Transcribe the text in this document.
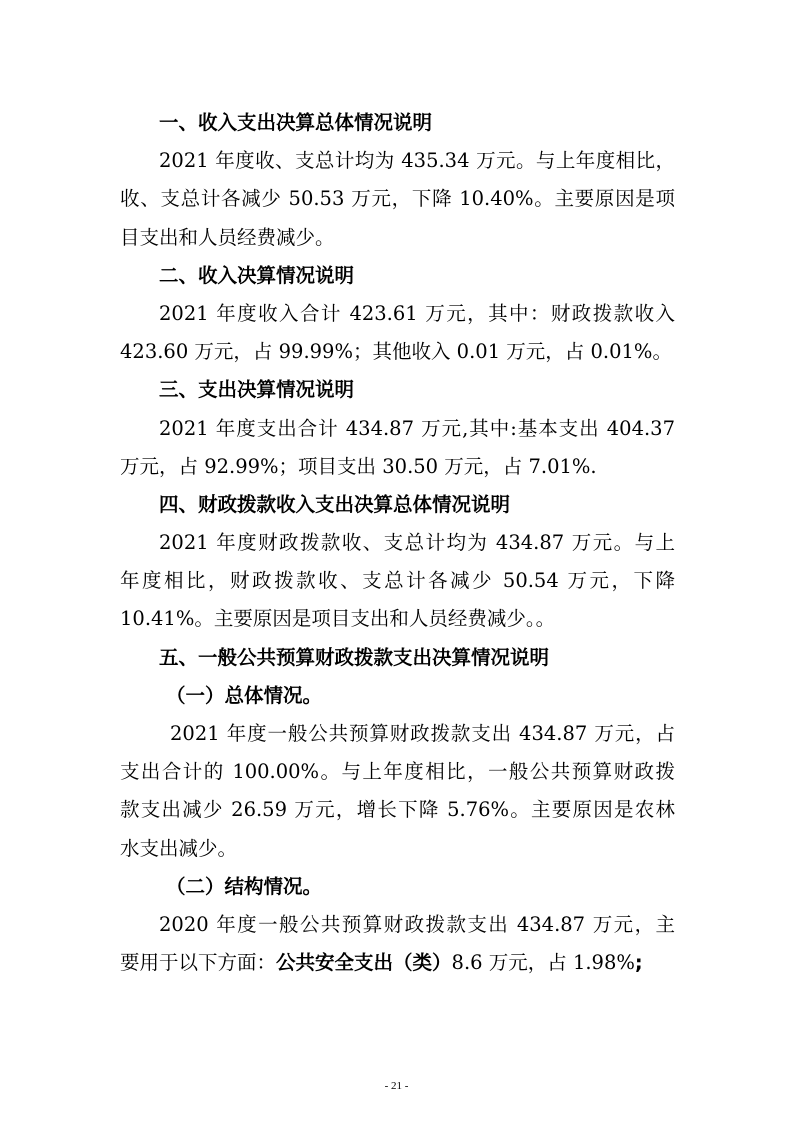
一、收入支出决算总体情况说明
2021 年度收、支总计均为 435.34 万元。与上年度相比，
收、支总计各减少 50.53 万元，下降 10.40%。主要原因是项
目支出和人员经费减少。
二、收入决算情况说明
2021 年度收入合计 423.61 万元，其中：财政拨款收入
423.60 万元，占 99.99%；其他收入 0.01 万元，占 0.01%。
三、支出决算情况说明
2021 年度支出合计 434.87 万元,其中:基本支出 404.37
万元，占 92.99%；项目支出 30.50 万元，占 7.01%.
四、财政拨款收入支出决算总体情况说明
2021 年度财政拨款收、支总计均为 434.87 万元。与上
年度相比，财政拨款收、支总计各减少 50.54 万元，下降
10.41%。主要原因是项目支出和人员经费减少。。
五、一般公共预算财政拨款支出决算情况说明
（一）总体情况。
2021 年度一般公共预算财政拨款支出 434.87 万元，占
支出合计的 100.00%。与上年度相比，一般公共预算财政拨
款支出减少 26.59 万元，增长下降 5.76%。主要原因是农林
水支出减少。
（二）结构情况。
2020 年度一般公共预算财政拨款支出 434.87 万元，主
要用于以下方面：公共安全支出（类）8.6 万元，占 1.98%;
- 21 -
